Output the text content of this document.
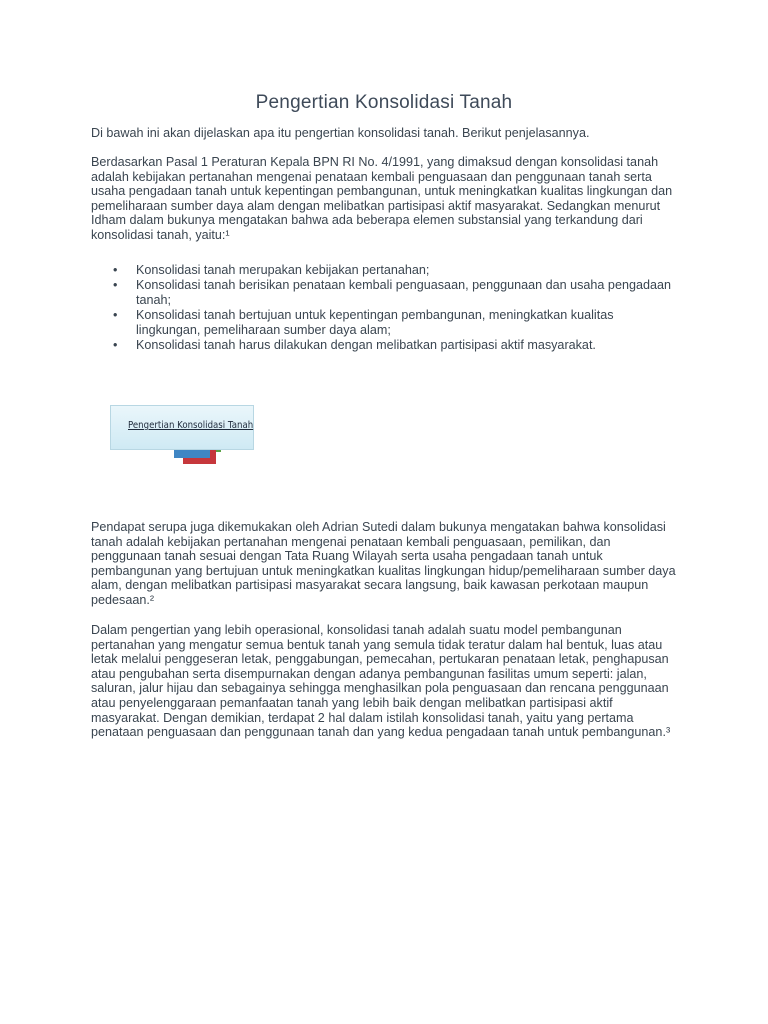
Pengertian Konsolidasi Tanah
Di bawah ini akan dijelaskan apa itu pengertian konsolidasi tanah. Berikut penjelasannya.
Berdasarkan Pasal 1 Peraturan Kepala BPN RI No. 4/1991, yang dimaksud dengan konsolidasi tanah
adalah kebijakan pertanahan mengenai penataan kembali penguasaan dan penggunaan tanah serta
usaha pengadaan tanah untuk kepentingan pembangunan, untuk meningkatkan kualitas lingkungan dan
pemeliharaan sumber daya alam dengan melibatkan partisipasi aktif masyarakat. Sedangkan menurut
Idham dalam bukunya mengatakan bahwa ada beberapa elemen substansial yang terkandung dari
konsolidasi tanah, yaitu:¹
• Konsolidasi tanah merupakan kebijakan pertanahan;
• Konsolidasi tanah berisikan penataan kembali penguasaan, penggunaan dan usaha pengadaan
tanah;
• Konsolidasi tanah bertujuan untuk kepentingan pembangunan, meningkatkan kualitas
lingkungan, pemeliharaan sumber daya alam;
• Konsolidasi tanah harus dilakukan dengan melibatkan partisipasi aktif masyarakat.
Pengertian Konsolidasi Tanah
Pendapat serupa juga dikemukakan oleh Adrian Sutedi dalam bukunya mengatakan bahwa konsolidasi
tanah adalah kebijakan pertanahan mengenai penataan kembali penguasaan, pemilikan, dan
penggunaan tanah sesuai dengan Tata Ruang Wilayah serta usaha pengadaan tanah untuk
pembangunan yang bertujuan untuk meningkatkan kualitas lingkungan hidup/pemeliharaan sumber daya
alam, dengan melibatkan partisipasi masyarakat secara langsung, baik kawasan perkotaan maupun
pedesaan.²
Dalam pengertian yang lebih operasional, konsolidasi tanah adalah suatu model pembangunan
pertanahan yang mengatur semua bentuk tanah yang semula tidak teratur dalam hal bentuk, luas atau
letak melalui penggeseran letak, penggabungan, pemecahan, pertukaran penataan letak, penghapusan
atau pengubahan serta disempurnakan dengan adanya pembangunan fasilitas umum seperti: jalan,
saluran, jalur hijau dan sebagainya sehingga menghasilkan pola penguasaan dan rencana penggunaan
atau penyelenggaraan pemanfaatan tanah yang lebih baik dengan melibatkan partisipasi aktif
masyarakat. Dengan demikian, terdapat 2 hal dalam istilah konsolidasi tanah, yaitu yang pertama
penataan penguasaan dan penggunaan tanah dan yang kedua pengadaan tanah untuk pembangunan.³
